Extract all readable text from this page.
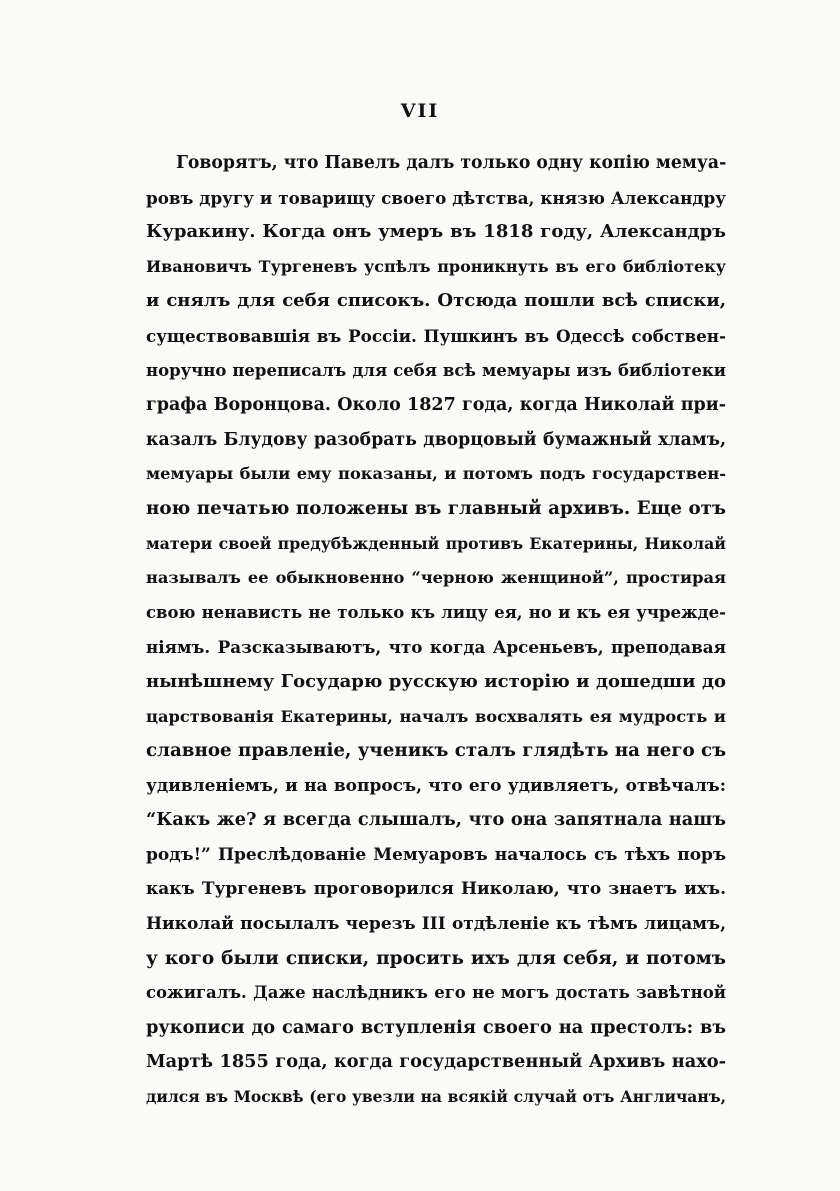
VII
Говорятъ, что Павелъ далъ только одну копію мемуа-
ровъ другу и товарищу своего дѣтства, князю Александру
Куракину. Когда онъ умеръ въ 1818 году, Александръ
Ивановичъ Тургеневъ успѣлъ проникнуть въ его библіотеку
и снялъ для себя списокъ. Отсюда пошли всѣ списки,
существовавшія въ Россіи. Пушкинъ въ Одессѣ собствен-
норучно переписалъ для себя всѣ мемуары изъ библіотеки
графа Воронцова. Около 1827 года, когда Николай при-
казалъ Блудову разобрать дворцовый бумажный хламъ,
мемуары были ему показаны, и потомъ подъ государствен-
ною печатью положены въ главный архивъ. Еще отъ
матери своей предубѣжденный противъ Екатерины, Николай
называлъ ее обыкновенно “черною женщиной”, простирая
свою ненависть не только къ лицу ея, но и къ ея учрежде-
ніямъ. Разсказываютъ, что когда Арсеньевъ, преподавая
нынѣшнему Государю русскую исторію и дошедши до
царствованія Екатерины, началъ восхвалять ея мудрость и
славное правленіе, ученикъ сталъ глядѣть на него съ
удивленіемъ, и на вопросъ, что его удивляетъ, отвѣчалъ:
“Какъ же? я всегда слышалъ, что она запятнала нашъ
родъ!” Преслѣдованіе Мемуаровъ началось съ тѣхъ поръ
какъ Тургеневъ проговорился Николаю, что знаетъ ихъ.
Николай посылалъ черезъ III отдѣленіе къ тѣмъ лицамъ,
у кого были списки, просить ихъ для себя, и потомъ
сожигалъ. Даже наслѣдникъ его не могъ достать завѣтной
рукописи до самаго вступленія своего на престолъ: въ
Мартѣ 1855 года, когда государственный Архивъ нахо-
дился въ Москвѣ (его увезли на всякій случай отъ Англичанъ,
